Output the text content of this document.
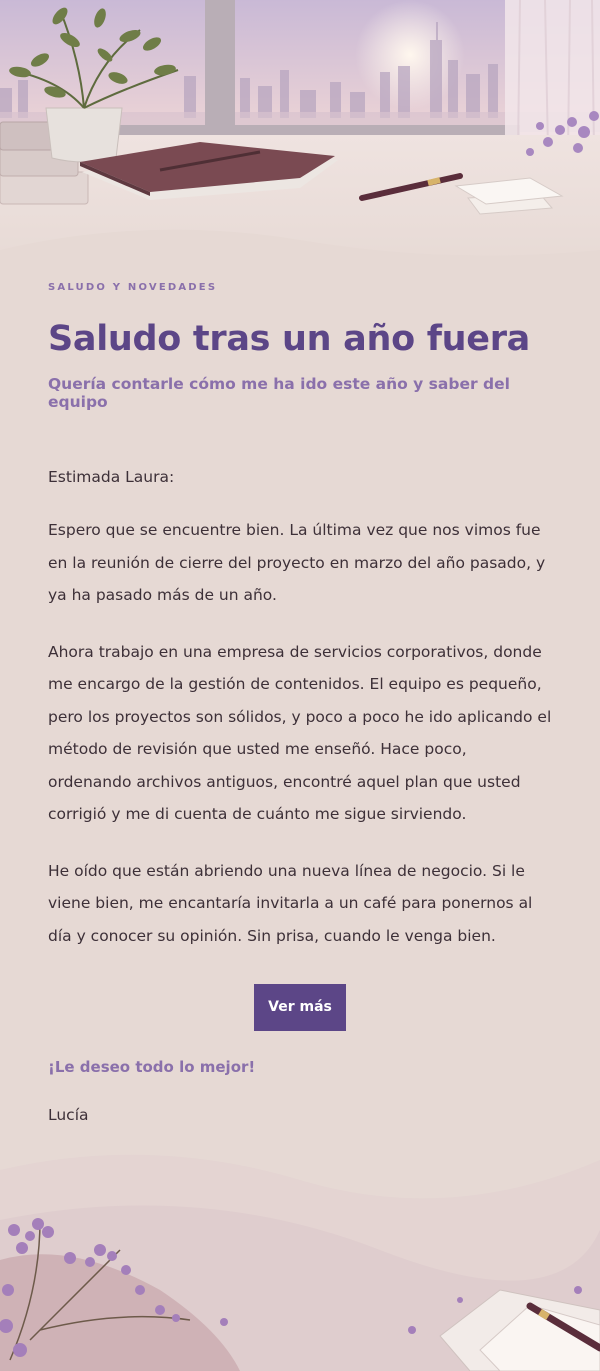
SALUDO Y NOVEDADES
Saludo tras un año fuera
Quería contarle cómo me ha ido este año y saber del equipo

Estimada Laura:

Espero que se encuentre bien. La última vez que nos vimos fue en la reunión de cierre del proyecto en marzo del año pasado, y ya ha pasado más de un año.

Ahora trabajo en una empresa de servicios corporativos, donde me encargo de la gestión de contenidos. El equipo es pequeño, pero los proyectos son sólidos, y poco a poco he ido aplicando el método de revisión que usted me enseñó. Hace poco, ordenando archivos antiguos, encontré aquel plan que usted corrigió y me di cuenta de cuánto me sigue sirviendo.

He oído que están abriendo una nueva línea de negocio. Si le viene bien, me encantaría invitarla a un café para ponernos al día y conocer su opinión. Sin prisa, cuando le venga bien.

Ver más

¡Le deseo todo lo mejor!

Lucía
